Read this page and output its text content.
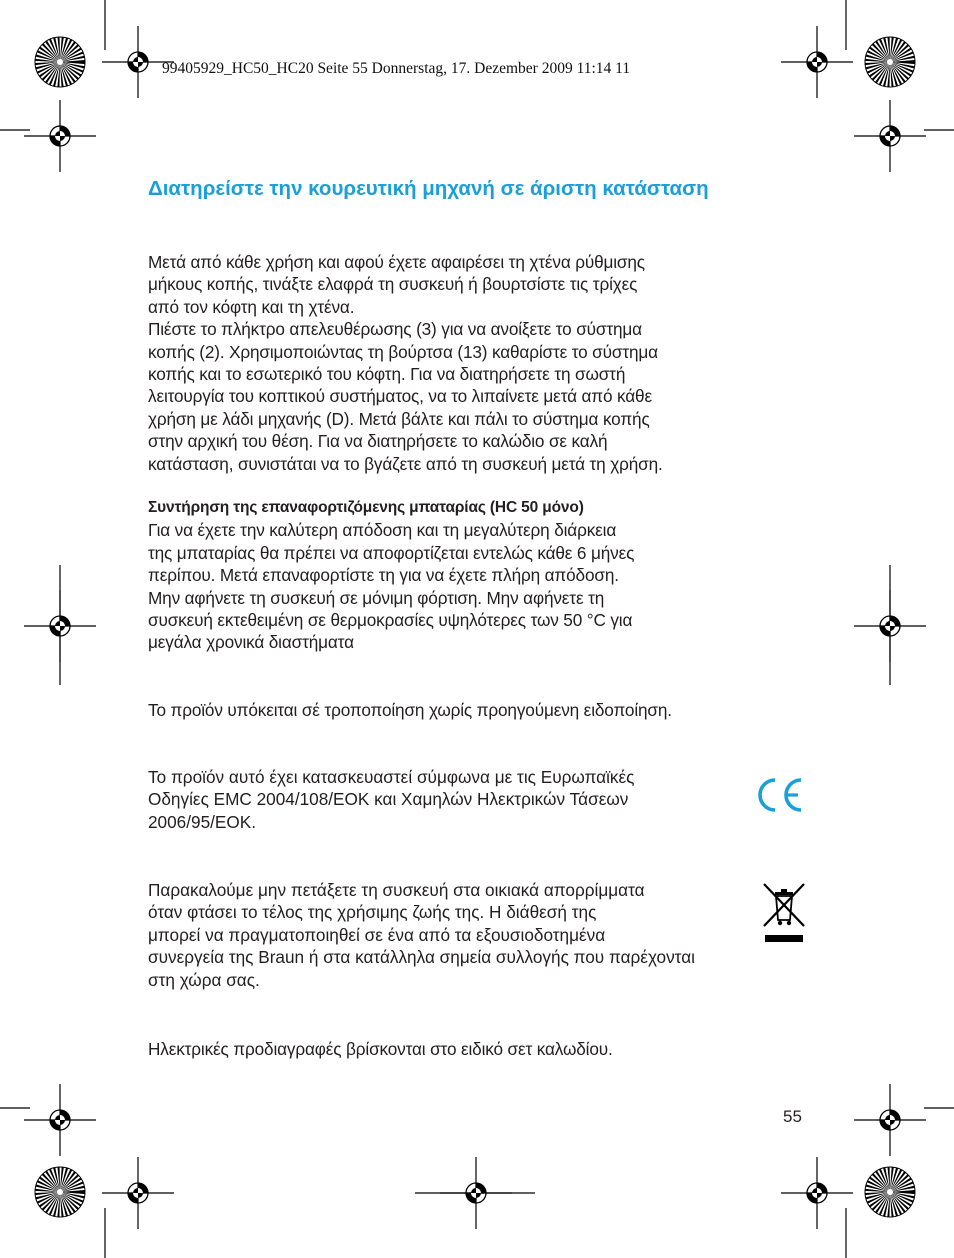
99405929_HC50_HC20 Seite 55 Donnerstag, 17. Dezember 2009 11:14 11
Διατηρείστε την κουρευτική μηχανή σε άριστη κατάσταση

Μετά από κάθε χρήση και αφού έχετε αφαιρέσει τη χτένα ρύθμισης

μήκους κοπής, τινάξτε ελαφρά τη συσκευή ή βουρτσίστε τις τρίχες

από τον κόφτη και τη χτένα.

Πιέστε το πλήκτρο απελευθέρωσης (3) για να ανοίξετε το σύστημα

κοπής (2). Χρησιμοποιώντας τη βούρτσα (13) καθαρίστε το σύστημα

κοπής και το εσωτερικό του κόφτη. Για να διατηρήσετε τη σωστή

λειτουργία του κοπτικού συστήματος, να το λιπαίνετε μετά από κάθε

χρήση με λάδι μηχανής (D). Μετά βάλτε και πάλι το σύστημα κοπής

στην αρχική του θέση. Για να διατηρήσετε το καλώδιο σε καλή

κατάσταση, συνιστάται να το βγάζετε από τη συσκευή μετά τη χρήση.

Συντήρηση της επαναφορτιζόμενης μπαταρίας (HC 50 μόνο)

Για να έχετε την καλύτερη απόδοση και τη μεγαλύτερη διάρκεια

της μπαταρίας θα πρέπει να αποφορτίζεται εντελώς κάθε 6 μήνες

περίπου. Μετά επαναφορτίστε τη για να έχετε πλήρη απόδοση.

Μην αφήνετε τη συσκευή σε μόνιμη φόρτιση. Μην αφήνετε τη

συσκευή εκτεθειμένη σε θερμοκρασίες υψηλότερες των 50 °C για

μεγάλα χρονικά διαστήματα

Το προϊόν υπόκειται σέ τροποποίηση χωρίς προηγούμενη ειδοποίηση.

Το προϊόν αυτό έχει κατασκευαστεί σύμφωνα με τις Ευρωπαϊκές

Οδηγίες EMC 2004/108/EOK και Χαμηλών Ηλεκτρικών Τάσεων

2006/95/EOK.

Παρακαλούμε μην πετάξετε τη συσκευή στα οικιακά απορρίμματα

όταν φτάσει το τέλος της χρήσιμης ζωής της. Η διάθεσή της

μπορεί να πραγματοποιηθεί σε ένα από τα εξουσιοδοτημένα

συνεργεία της Braun ή στα κατάλληλα σημεία συλλογής που παρέχονται

στη χώρα σας.

Ηλεκτρικές προδιαγραφές βρίσκονται στο ειδικό σετ καλωδίου.
55
